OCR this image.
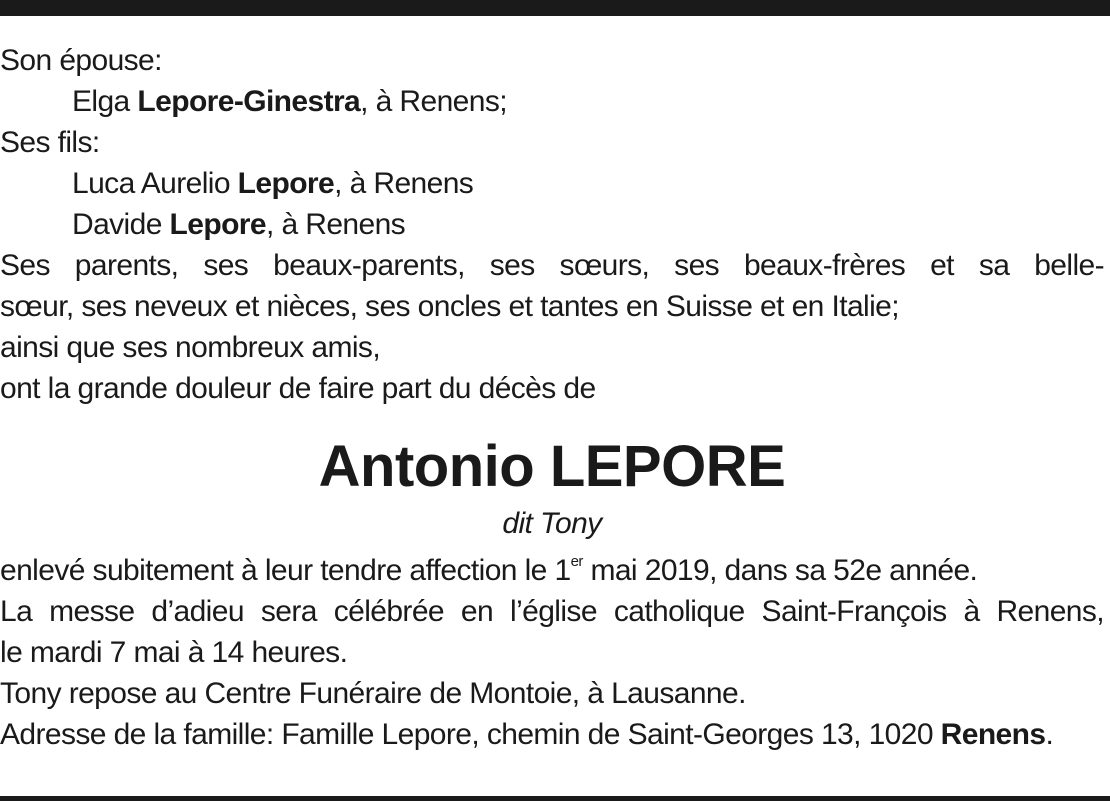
Son épouse:
Elga Lepore-Ginestra, à Renens;
Ses fils:
Luca Aurelio Lepore, à Renens
Davide Lepore, à Renens
Ses parents, ses beaux-parents, ses sœurs, ses beaux-frères et sa belle-
sœur, ses neveux et nièces, ses oncles et tantes en Suisse et en Italie;
ainsi que ses nombreux amis,
ont la grande douleur de faire part du décès de
Antonio LEPORE
dit Tony
enlevé subitement à leur tendre affection le 1er mai 2019, dans sa 52e année.
La messe d’adieu sera célébrée en l’église catholique Saint-François à Renens,
le mardi 7 mai à 14 heures.
Tony repose au Centre Funéraire de Montoie, à Lausanne.
Adresse de la famille: Famille Lepore, chemin de Saint-Georges 13, 1020 Renens.
